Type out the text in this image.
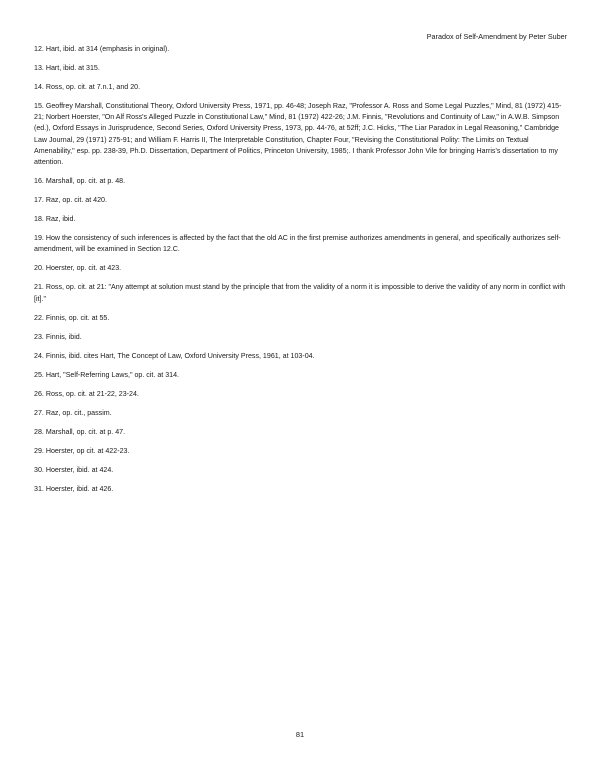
Paradox of Self-Amendment by Peter Suber
12. Hart, ibid. at 314 (emphasis in original).
13. Hart, ibid. at 315.
14. Ross, op. cit. at 7.n.1, and 20.
15. Geoffrey Marshall, Constitutional Theory, Oxford University Press, 1971, pp. 46-48; Joseph Raz, "Professor A. Ross and Some Legal Puzzles," Mind, 81 (1972) 415-21; Norbert Hoerster, "On Alf Ross's Alleged Puzzle in Constitutional Law," Mind, 81 (1972) 422-26; J.M. Finnis, "Revolutions and Continuity of Law," in A.W.B. Simpson (ed.), Oxford Essays in Jurisprudence, Second Series, Oxford University Press, 1973, pp. 44-76, at 52ff; J.C. Hicks, "The Liar Paradox in Legal Reasoning," Cambridge Law Journal, 29 (1971) 275-91; and William F. Harris II, The Interpretable Constitution, Chapter Four, "Revising the Constitutional Polity: The Limits on Textual Amenability," esp. pp. 238-39, Ph.D. Dissertation, Department of Politics, Princeton University, 1985;. I thank Professor John Vile for bringing Harris's dissertation to my attention.
16. Marshall, op. cit. at p. 48.
17. Raz, op. cit. at 420.
18. Raz, ibid.
19. How the consistency of such inferences is affected by the fact that the old AC in the first premise authorizes amendments in general, and specifically authorizes self-amendment, will be examined in Section 12.C.
20. Hoerster, op. cit. at 423.
21. Ross, op. cit. at 21: "Any attempt at solution must stand by the principle that from the validity of a norm it is impossible to derive the validity of any norm in conflict with [it]."
22. Finnis, op. cit. at 55.
23. Finnis, ibid.
24. Finnis, ibid. cites Hart, The Concept of Law, Oxford University Press, 1961, at 103-04.
25. Hart, "Self-Referring Laws," op. cit. at 314.
26. Ross, op. cit. at 21-22, 23-24.
27. Raz, op. cit., passim.
28. Marshall, op. cit. at p. 47.
29. Hoerster, op cit. at 422-23.
30. Hoerster, ibid. at 424.
31. Hoerster, ibid. at 426.
81
